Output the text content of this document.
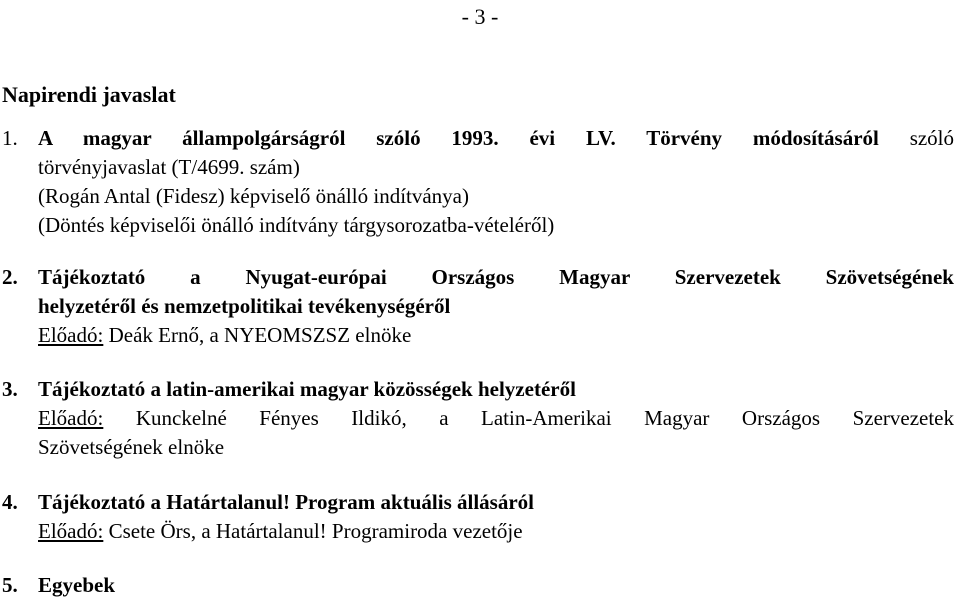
- 3 -
Napirendi javaslat
1. A magyar állampolgárságról szóló 1993. évi LV. Törvény módosításáról szóló
törvényjavaslat (T/4699. szám)
(Rogán Antal (Fidesz) képviselő önálló indítványa)
(Döntés képviselői önálló indítvány tárgysorozatba-vételéről)
2. Tájékoztató a Nyugat-európai Országos Magyar Szervezetek Szövetségének
helyzetéről és nemzetpolitikai tevékenységéről
Előadó: Deák Ernő, a NYEOMSZSZ elnöke
3. Tájékoztató a latin-amerikai magyar közösségek helyzetéről
Előadó: Kunckelné Fényes Ildikó, a Latin-Amerikai Magyar Országos Szervezetek
Szövetségének elnöke
4. Tájékoztató a Határtalanul! Program aktuális állásáról
Előadó: Csete Örs, a Határtalanul! Programiroda vezetője
5. Egyebek
